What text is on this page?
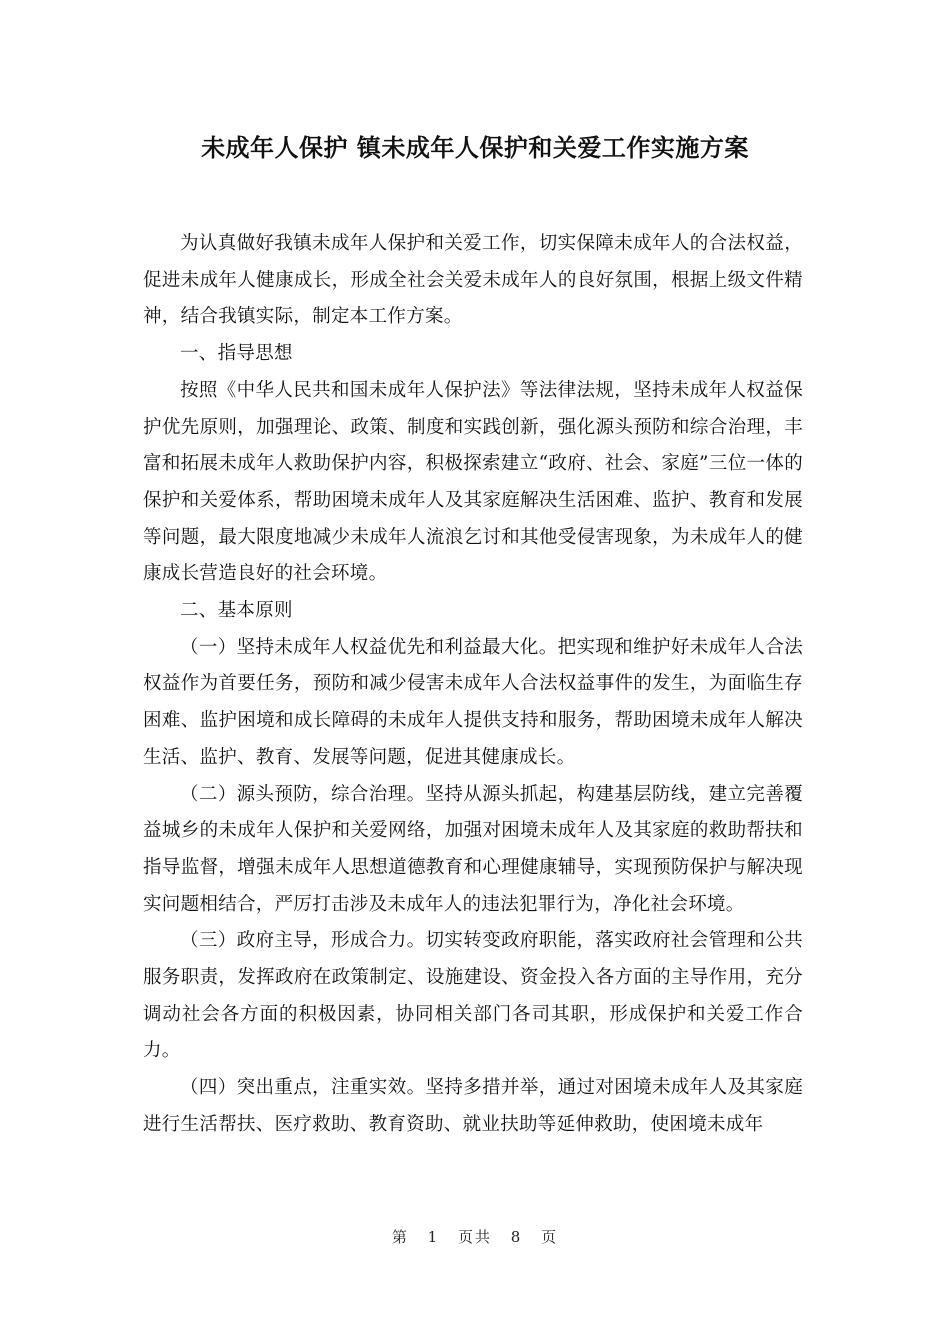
未成年人保护 镇未成年人保护和关爱工作实施方案

为认真做好我镇未成年人保护和关爱工作，切实保障未成年人的合法权益，促进未成年人健康成长，形成全社会关爱未成年人的良好氛围，根据上级文件精神，结合我镇实际，制定本工作方案。

一、指导思想

按照《中华人民共和国未成年人保护法》等法律法规，坚持未成年人权益保护优先原则，加强理论、政策、制度和实践创新，强化源头预防和综合治理，丰富和拓展未成年人救助保护内容，积极探索建立“政府、社会、家庭”三位一体的保护和关爱体系，帮助困境未成年人及其家庭解决生活困难、监护、教育和发展等问题，最大限度地减少未成年人流浪乞讨和其他受侵害现象，为未成年人的健康成长营造良好的社会环境。

二、基本原则

（一）坚持未成年人权益优先和利益最大化。把实现和维护好未成年人合法权益作为首要任务，预防和减少侵害未成年人合法权益事件的发生，为面临生存困难、监护困境和成长障碍的未成年人提供支持和服务，帮助困境未成年人解决生活、监护、教育、发展等问题，促进其健康成长。

（二）源头预防，综合治理。坚持从源头抓起，构建基层防线，建立完善覆益城乡的未成年人保护和关爱网络，加强对困境未成年人及其家庭的救助帮扶和指导监督，增强未成年人思想道德教育和心理健康辅导，实现预防保护与解决现实问题相结合，严厉打击涉及未成年人的违法犯罪行为，净化社会环境。

（三）政府主导，形成合力。切实转变政府职能，落实政府社会管理和公共服务职责，发挥政府在政策制定、设施建设、资金投入各方面的主导作用，充分调动社会各方面的积极因素，协同相关部门各司其职，形成保护和关爱工作合力。

（四）突出重点，注重实效。坚持多措并举，通过对困境未成年人及其家庭进行生活帮扶、医疗救助、教育资助、就业扶助等延伸救助，使困境未成年

第 1 页共 8 页
